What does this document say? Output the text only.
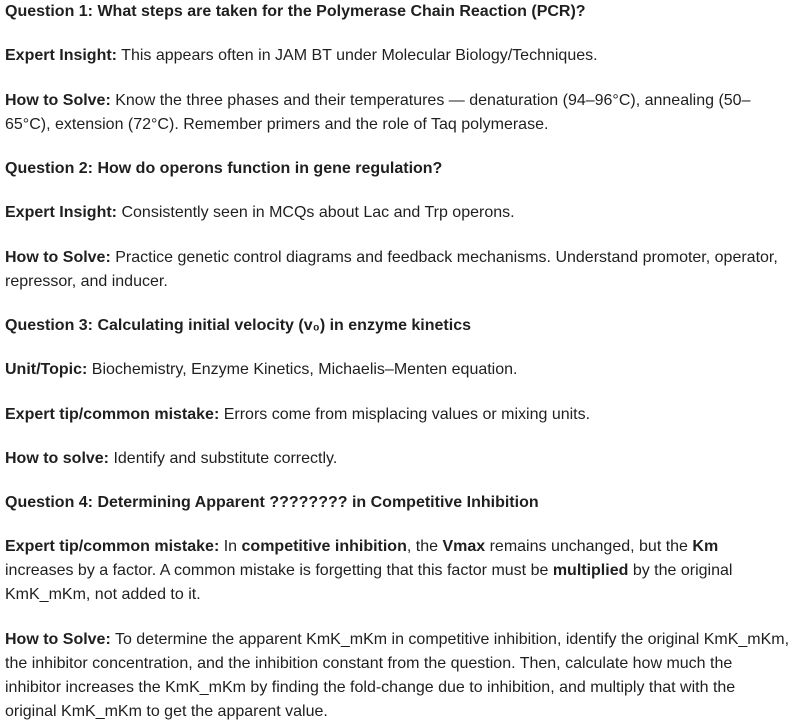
Question 1: What steps are taken for the Polymerase Chain Reaction (PCR)?

Expert Insight: This appears often in JAM BT under Molecular Biology/Techniques.

How to Solve: Know the three phases and their temperatures — denaturation (94–96°C), annealing (50–65°C), extension (72°C). Remember primers and the role of Taq polymerase.

Question 2: How do operons function in gene regulation?

Expert Insight: Consistently seen in MCQs about Lac and Trp operons.

How to Solve: Practice genetic control diagrams and feedback mechanisms. Understand promoter, operator, repressor, and inducer.

Question 3: Calculating initial velocity (v₀) in enzyme kinetics

Unit/Topic: Biochemistry, Enzyme Kinetics, Michaelis–Menten equation.

Expert tip/common mistake: Errors come from misplacing values or mixing units.

How to solve: Identify and substitute correctly.

Question 4: Determining Apparent ???????? in Competitive Inhibition

Expert tip/common mistake: In competitive inhibition, the Vmax remains unchanged, but the Km increases by a factor. A common mistake is forgetting that this factor must be multiplied by the original KmK_mKm, not added to it.

How to Solve: To determine the apparent KmK_mKm in competitive inhibition, identify the original KmK_mKm, the inhibitor concentration, and the inhibition constant from the question. Then, calculate how much the inhibitor increases the KmK_mKm by finding the fold-change due to inhibition, and multiply that with the original KmK_mKm to get the apparent value.
